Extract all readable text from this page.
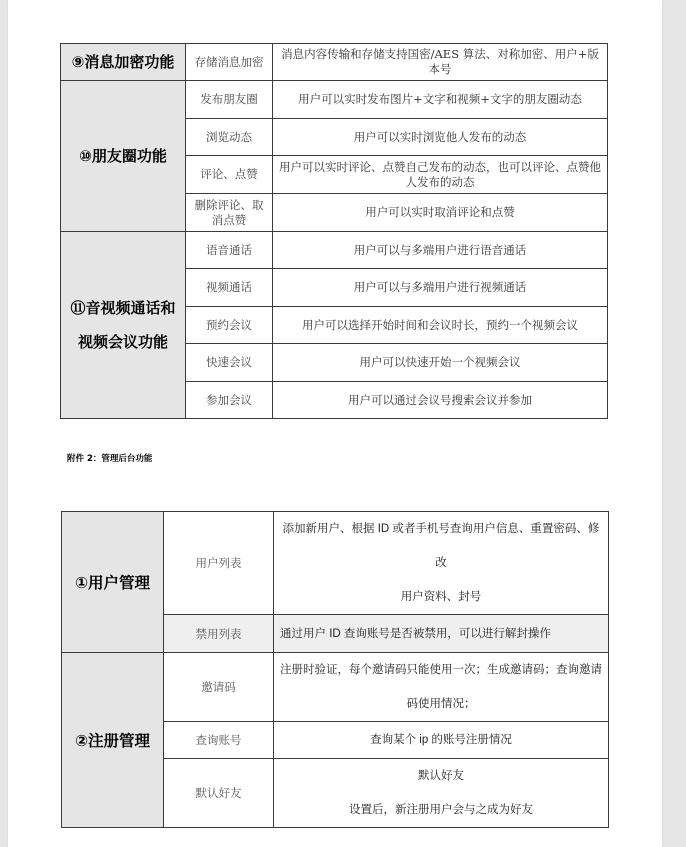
⑨消息加密功能	存储消息加密	消息内容传输和存储支持国密/AES 算法、对称加密、用户+版本号
⑩朋友圈功能	发布朋友圈	用户可以实时发布图片+文字和视频+文字的朋友圈动态
	浏览动态	用户可以实时浏览他人发布的动态
	评论、点赞	用户可以实时评论、点赞自己发布的动态，也可以评论、点赞他人发布的动态
	删除评论、取消点赞	用户可以实时取消评论和点赞
⑪音视频通话和视频会议功能	语音通话	用户可以与多端用户进行语音通话
	视频通话	用户可以与多端用户进行视频通话
	预约会议	用户可以选择开始时间和会议时长，预约一个视频会议
	快速会议	用户可以快速开始一个视频会议
	参加会议	用户可以通过会议号搜索会议并参加
附件 2：管理后台功能
①用户管理	用户列表	添加新用户、根据 ID 或者手机号查询用户信息、重置密码、修改
用户资料、封号

	禁用列表	通过用户 ID 查询账号是否被禁用，可以进行解封操作

②注册管理	邀请码	注册时验证，每个邀请码只能使用一次；生成邀请码；查询邀请
码使用情况；

	查询账号	查询某个 ip 的账号注册情况

	默认好友	默认好友
设置后，新注册用户会与之成为好友
